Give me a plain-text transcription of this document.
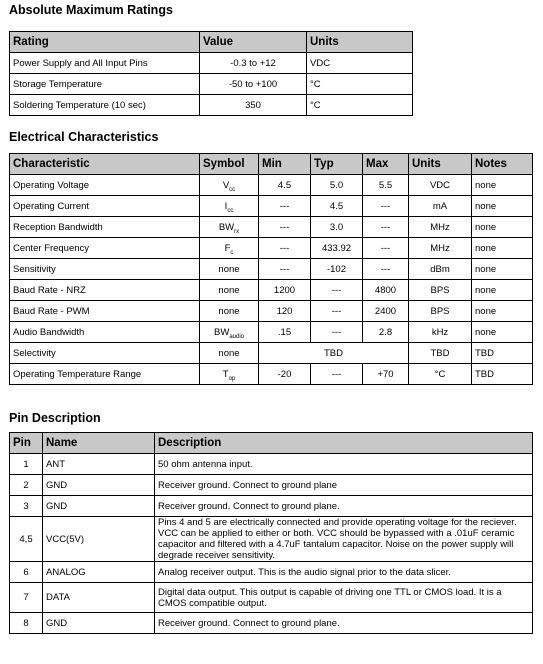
Absolute Maximum Ratings
Rating	Value	Units
Power Supply and All Input Pins	-0.3 to +12	VDC
Storage Temperature	-50 to +100	°C
Soldering Temperature (10 sec)	350	°C
Electrical Characteristics
Characteristic	Symbol	Min	Typ	Max	Units	Notes
Operating Voltage	$V_{cc}$	4.5	5.0	5.5	VDC	none
Operating Current	$I_{cc}$	---	4.5	---	mA	none
Reception Bandwidth	$BW_{rx}$	---	3.0	---	MHz	none
Center Frequency	$F_c$	---	433.92	---	MHz	none
Sensitivity	none	---	-102	---	dBm	none
Baud Rate - NRZ	none	1200	---	4800	BPS	none
Baud Rate - PWM	none	120	---	2400	BPS	none
Audio Bandwidth	$BW_{audio}$	.15	---	2.8	kHz	none
Selectivity	none	TBD			TBD	TBD
Operating Temperature Range	$T_{op}$	-20	---	+70	°C	TBD
Pin Description
Pin	Name	Description
1	ANT	50 ohm antenna input.
2	GND	Receiver ground. Connect to ground plane
3	GND	Receiver ground. Connect to ground plane.
4,5	VCC(5V)	Pins 4 and 5 are electrically connected and provide operating voltage for the reciever. VCC can be applied to either or both. VCC should be bypassed with a .01uF ceramic capacitor and filtered with a 4.7uF tantalum capacitor. Noise on the power supply will degrade receiver sensitivity.
6	ANALOG	Analog receiver output. This is the audio signal prior to the data slicer.
7	DATA	Digital data output. This output is capable of driving one TTL or CMOS load. It is a CMOS compatible output.
8	GND	Receiver ground. Connect to ground plane.
